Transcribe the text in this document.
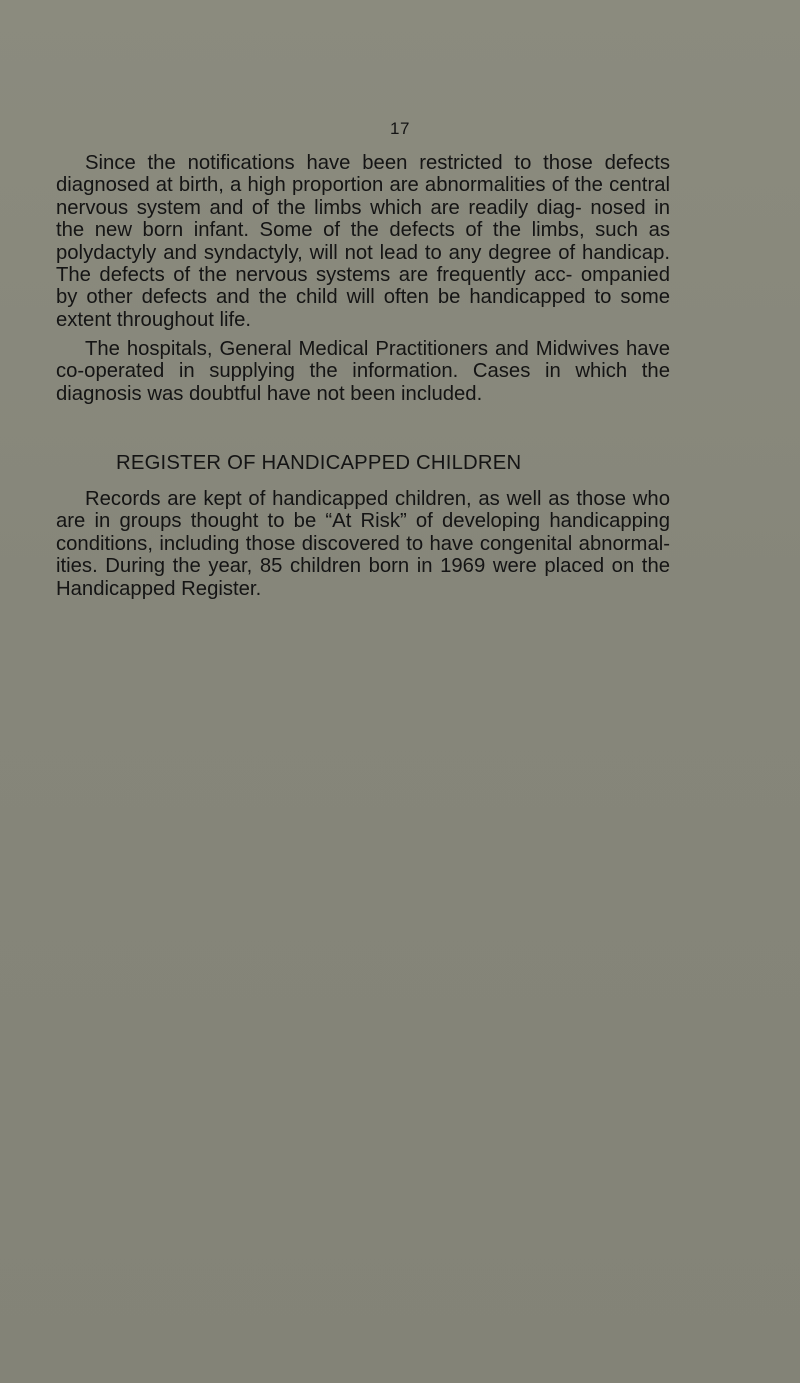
17

Since the notifications have been restricted to those defects diagnosed at birth, a high proportion are abnormalities of the central nervous system and of the limbs which are readily diag- nosed in the new born infant. Some of the defects of the limbs, such as polydactyly and syndactyly, will not lead to any degree of handicap. The defects of the nervous systems are frequently acc- ompanied by other defects and the child will often be handicapped to some extent throughout life.

The hospitals, General Medical Practitioners and Midwives have co-operated in supplying the information. Cases in which the diagnosis was doubtful have not been included.

REGISTER OF HANDICAPPED CHILDREN

Records are kept of handicapped children, as well as those who are in groups thought to be “At Risk” of developing handicapping conditions, including those discovered to have congenital abnormal- ities. During the year, 85 children born in 1969 were placed on the Handicapped Register.
